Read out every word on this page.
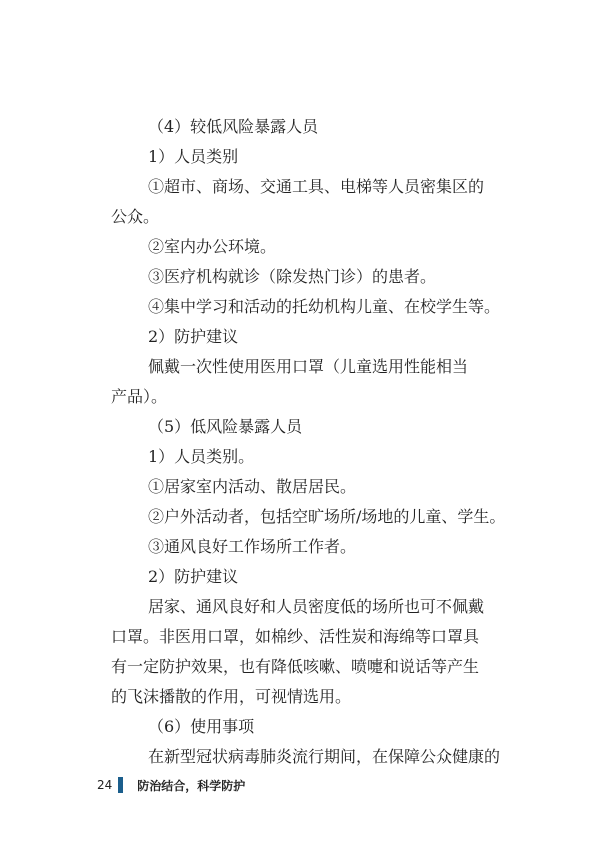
（4）较低风险暴露人员
1）人员类别
①超市、商场、交通工具、电梯等人员密集区的
公众。
②室内办公环境。
③医疗机构就诊（除发热门诊）的患者。
④集中学习和活动的托幼机构儿童、在校学生等。
2）防护建议
佩戴一次性使用医用口罩（儿童选用性能相当
产品）。
（5）低风险暴露人员
1）人员类别。
①居家室内活动、散居居民。
②户外活动者，包括空旷场所/场地的儿童、学生。
③通风良好工作场所工作者。
2）防护建议
居家、通风良好和人员密度低的场所也可不佩戴
口罩。非医用口罩，如棉纱、活性炭和海绵等口罩具
有一定防护效果，也有降低咳嗽、喷嚏和说话等产生
的飞沫播散的作用，可视情选用。
（6）使用事项
在新型冠状病毒肺炎流行期间，在保障公众健康的
24 防治结合，科学防护
